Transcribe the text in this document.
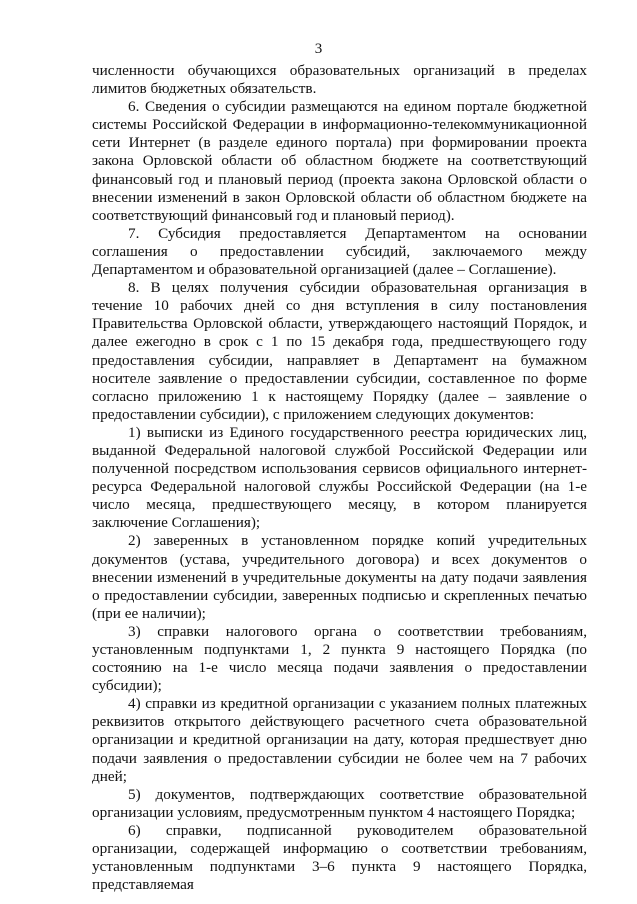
3

численности обучающихся образовательных организаций в пределах лимитов бюджетных обязательств.

6. Сведения о субсидии размещаются на едином портале бюджетной системы Российской Федерации в информационно-телекоммуникационной сети Интернет (в разделе единого портала) при формировании проекта закона Орловской области об областном бюджете на соответствующий финансовый год и плановый период (проекта закона Орловской области о внесении изменений в закон Орловской области об областном бюджете на соответствующий финансовый год и плановый период).

7. Субсидия предоставляется Департаментом на основании соглашения о предоставлении субсидий, заключаемого между Департаментом и образовательной организацией (далее – Соглашение).

8. В целях получения субсидии образовательная организация в течение 10 рабочих дней со дня вступления в силу постановления Правительства Орловской области, утверждающего настоящий Порядок, и далее ежегодно в срок с 1 по 15 декабря года, предшествующего году предоставления субсидии, направляет в Департамент на бумажном носителе заявление о предоставлении субсидии, составленное по форме согласно приложению 1 к настоящему Порядку (далее – заявление о предоставлении субсидии), с приложением следующих документов:

1) выписки из Единого государственного реестра юридических лиц, выданной Федеральной налоговой службой Российской Федерации или полученной посредством использования сервисов официального интернет-ресурса Федеральной налоговой службы Российской Федерации (на 1-е число месяца, предшествующего месяцу, в котором планируется заключение Соглашения);

2) заверенных в установленном порядке копий учредительных документов (устава, учредительного договора) и всех документов о внесении изменений в учредительные документы на дату подачи заявления о предоставлении субсидии, заверенных подписью и скрепленных печатью (при ее наличии);

3) справки налогового органа о соответствии требованиям, установленным подпунктами 1, 2 пункта 9 настоящего Порядка (по состоянию на 1-е число месяца подачи заявления о предоставлении субсидии);

4) справки из кредитной организации с указанием полных платежных реквизитов открытого действующего расчетного счета образовательной организации и кредитной организации на дату, которая предшествует дню подачи заявления о предоставлении субсидии не более чем на 7 рабочих дней;

5) документов, подтверждающих соответствие образовательной организации условиям, предусмотренным пунктом 4 настоящего Порядка;

6) справки, подписанной руководителем образовательной организации, содержащей информацию о соответствии требованиям, установленным подпунктами 3–6 пункта 9 настоящего Порядка, представляемая
